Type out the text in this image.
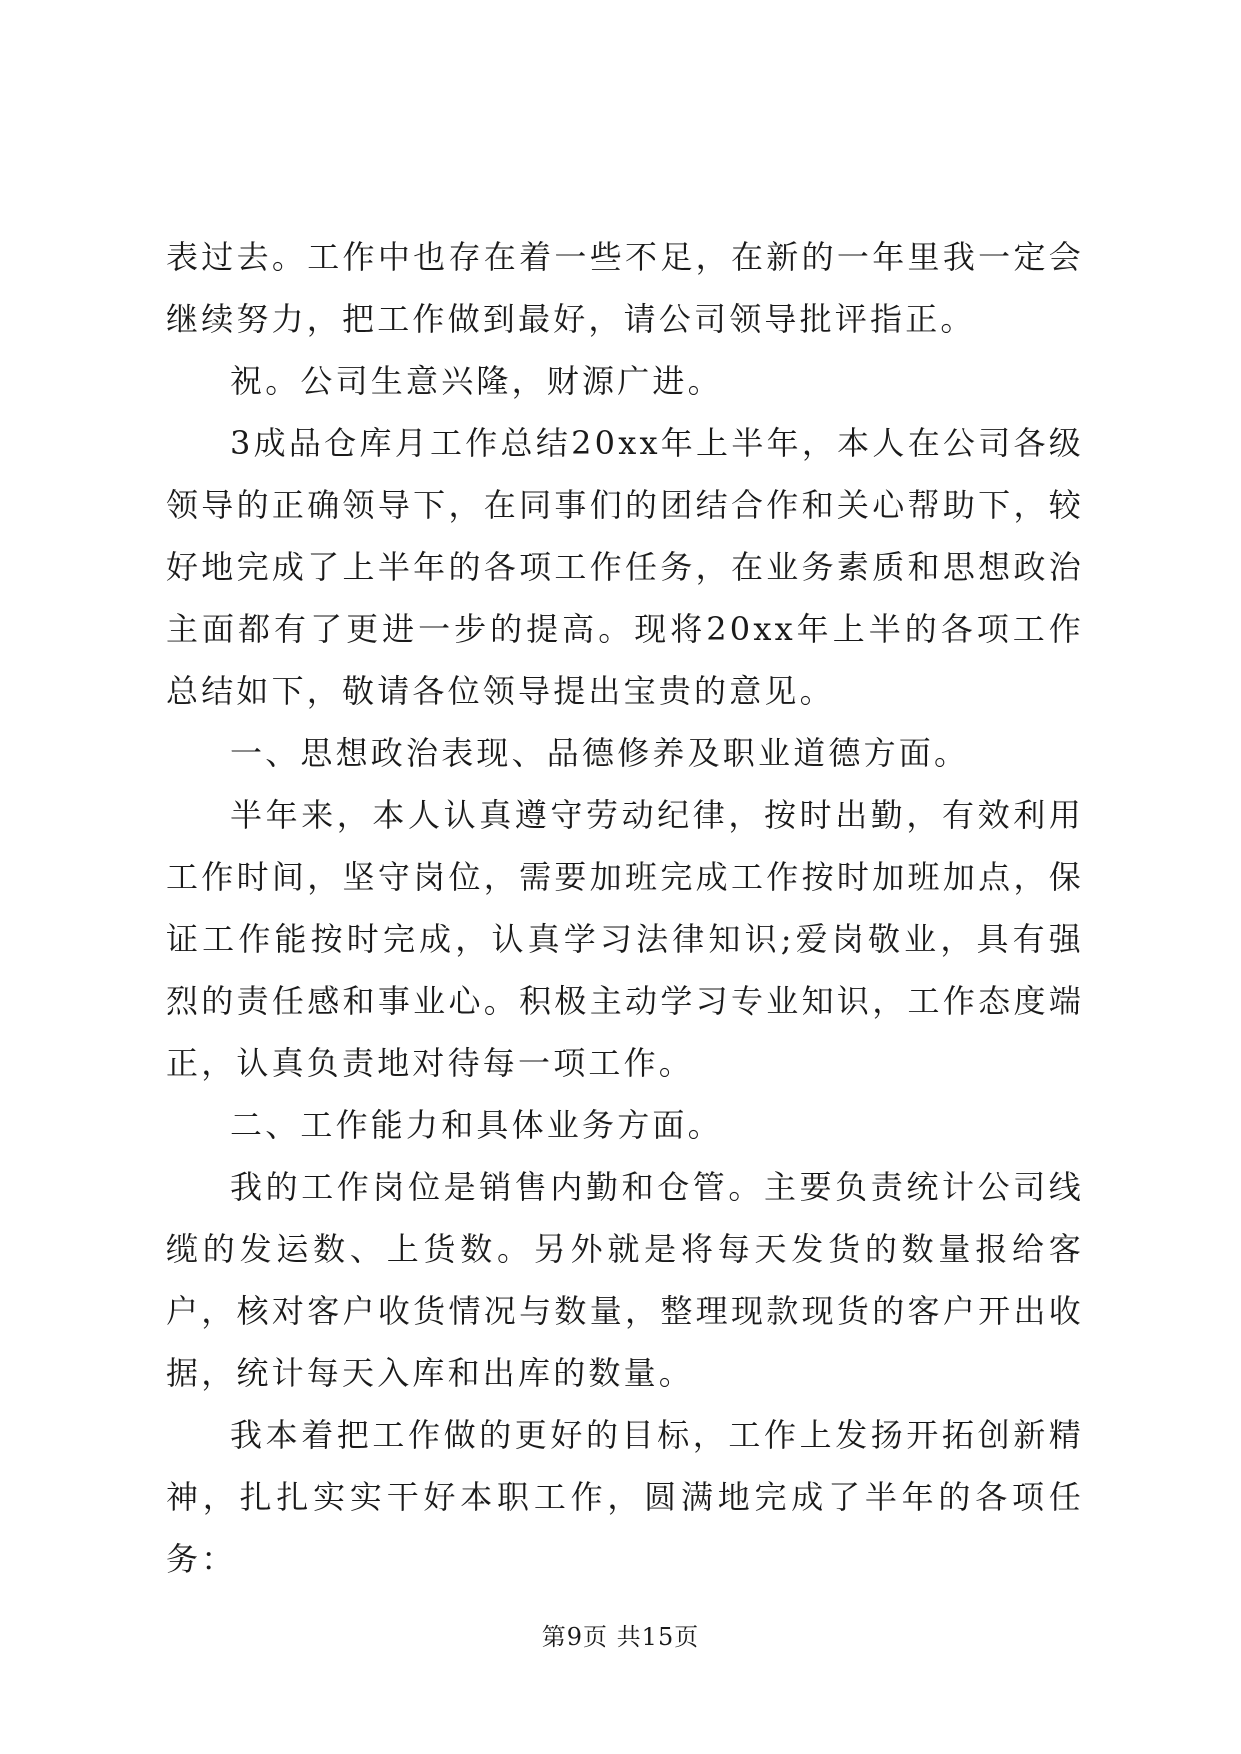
表过去。工作中也存在着一些不足，在新的一年里我一定会继续努力，把工作做到最好，请公司领导批评指正。

祝。公司生意兴隆，财源广进。

3成品仓库月工作总结20xx年上半年，本人在公司各级领导的正确领导下，在同事们的团结合作和关心帮助下，较好地完成了上半年的各项工作任务，在业务素质和思想政治主面都有了更进一步的提高。现将20xx年上半的各项工作总结如下，敬请各位领导提出宝贵的意见。

一、思想政治表现、品德修养及职业道德方面。

半年来，本人认真遵守劳动纪律，按时出勤，有效利用工作时间，坚守岗位，需要加班完成工作按时加班加点，保证工作能按时完成，认真学习法律知识;爱岗敬业，具有强烈的责任感和事业心。积极主动学习专业知识，工作态度端正，认真负责地对待每一项工作。

二、工作能力和具体业务方面。

我的工作岗位是销售内勤和仓管。主要负责统计公司线缆的发运数、上货数。另外就是将每天发货的数量报给客户，核对客户收货情况与数量，整理现款现货的客户开出收据，统计每天入库和出库的数量。

我本着把工作做的更好的目标，工作上发扬开拓创新精神，扎扎实实干好本职工作，圆满地完成了半年的各项任务：

第9页 共15页
